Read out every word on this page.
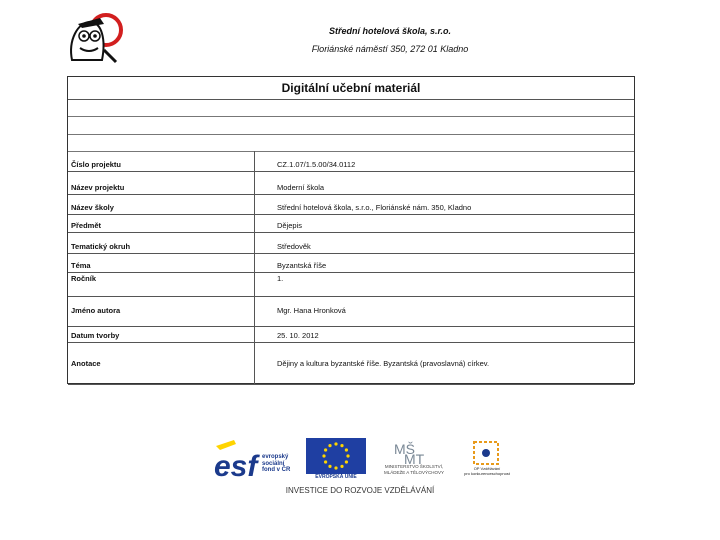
Střední hotelová škola, s.r.o.
Floriánské náměstí 350, 272 01 Kladno
Digitální učební materiál
Číslo projektu	CZ.1.07/1.5.00/34.0112
Název projektu	Moderní škola
Název školy	Střední hotelová škola, s.r.o., Floriánské nám. 350, Kladno
Předmět	Dějepis
Tematický okruh	Středověk
Téma	Byzantská říše
Ročník	1.
Jméno autora	Mgr. Hana Hronková
Datum tvorby	25. 10. 2012
Anotace	Dějiny a kultura byzantské říše. Byzantská (pravoslavná) církev.
esf evropský
sociální
fond v ČR
EVROPSKÁ UNIE
MŠ
MT
MINISTERSTVO ŠKOLSTVÍ,
MLÁDEŽE A TĚLOVÝCHOVY
OP Vzdělávání
pro konkurenceschopnost
INVESTICE DO ROZVOJE VZDĚLÁVÁNÍ
